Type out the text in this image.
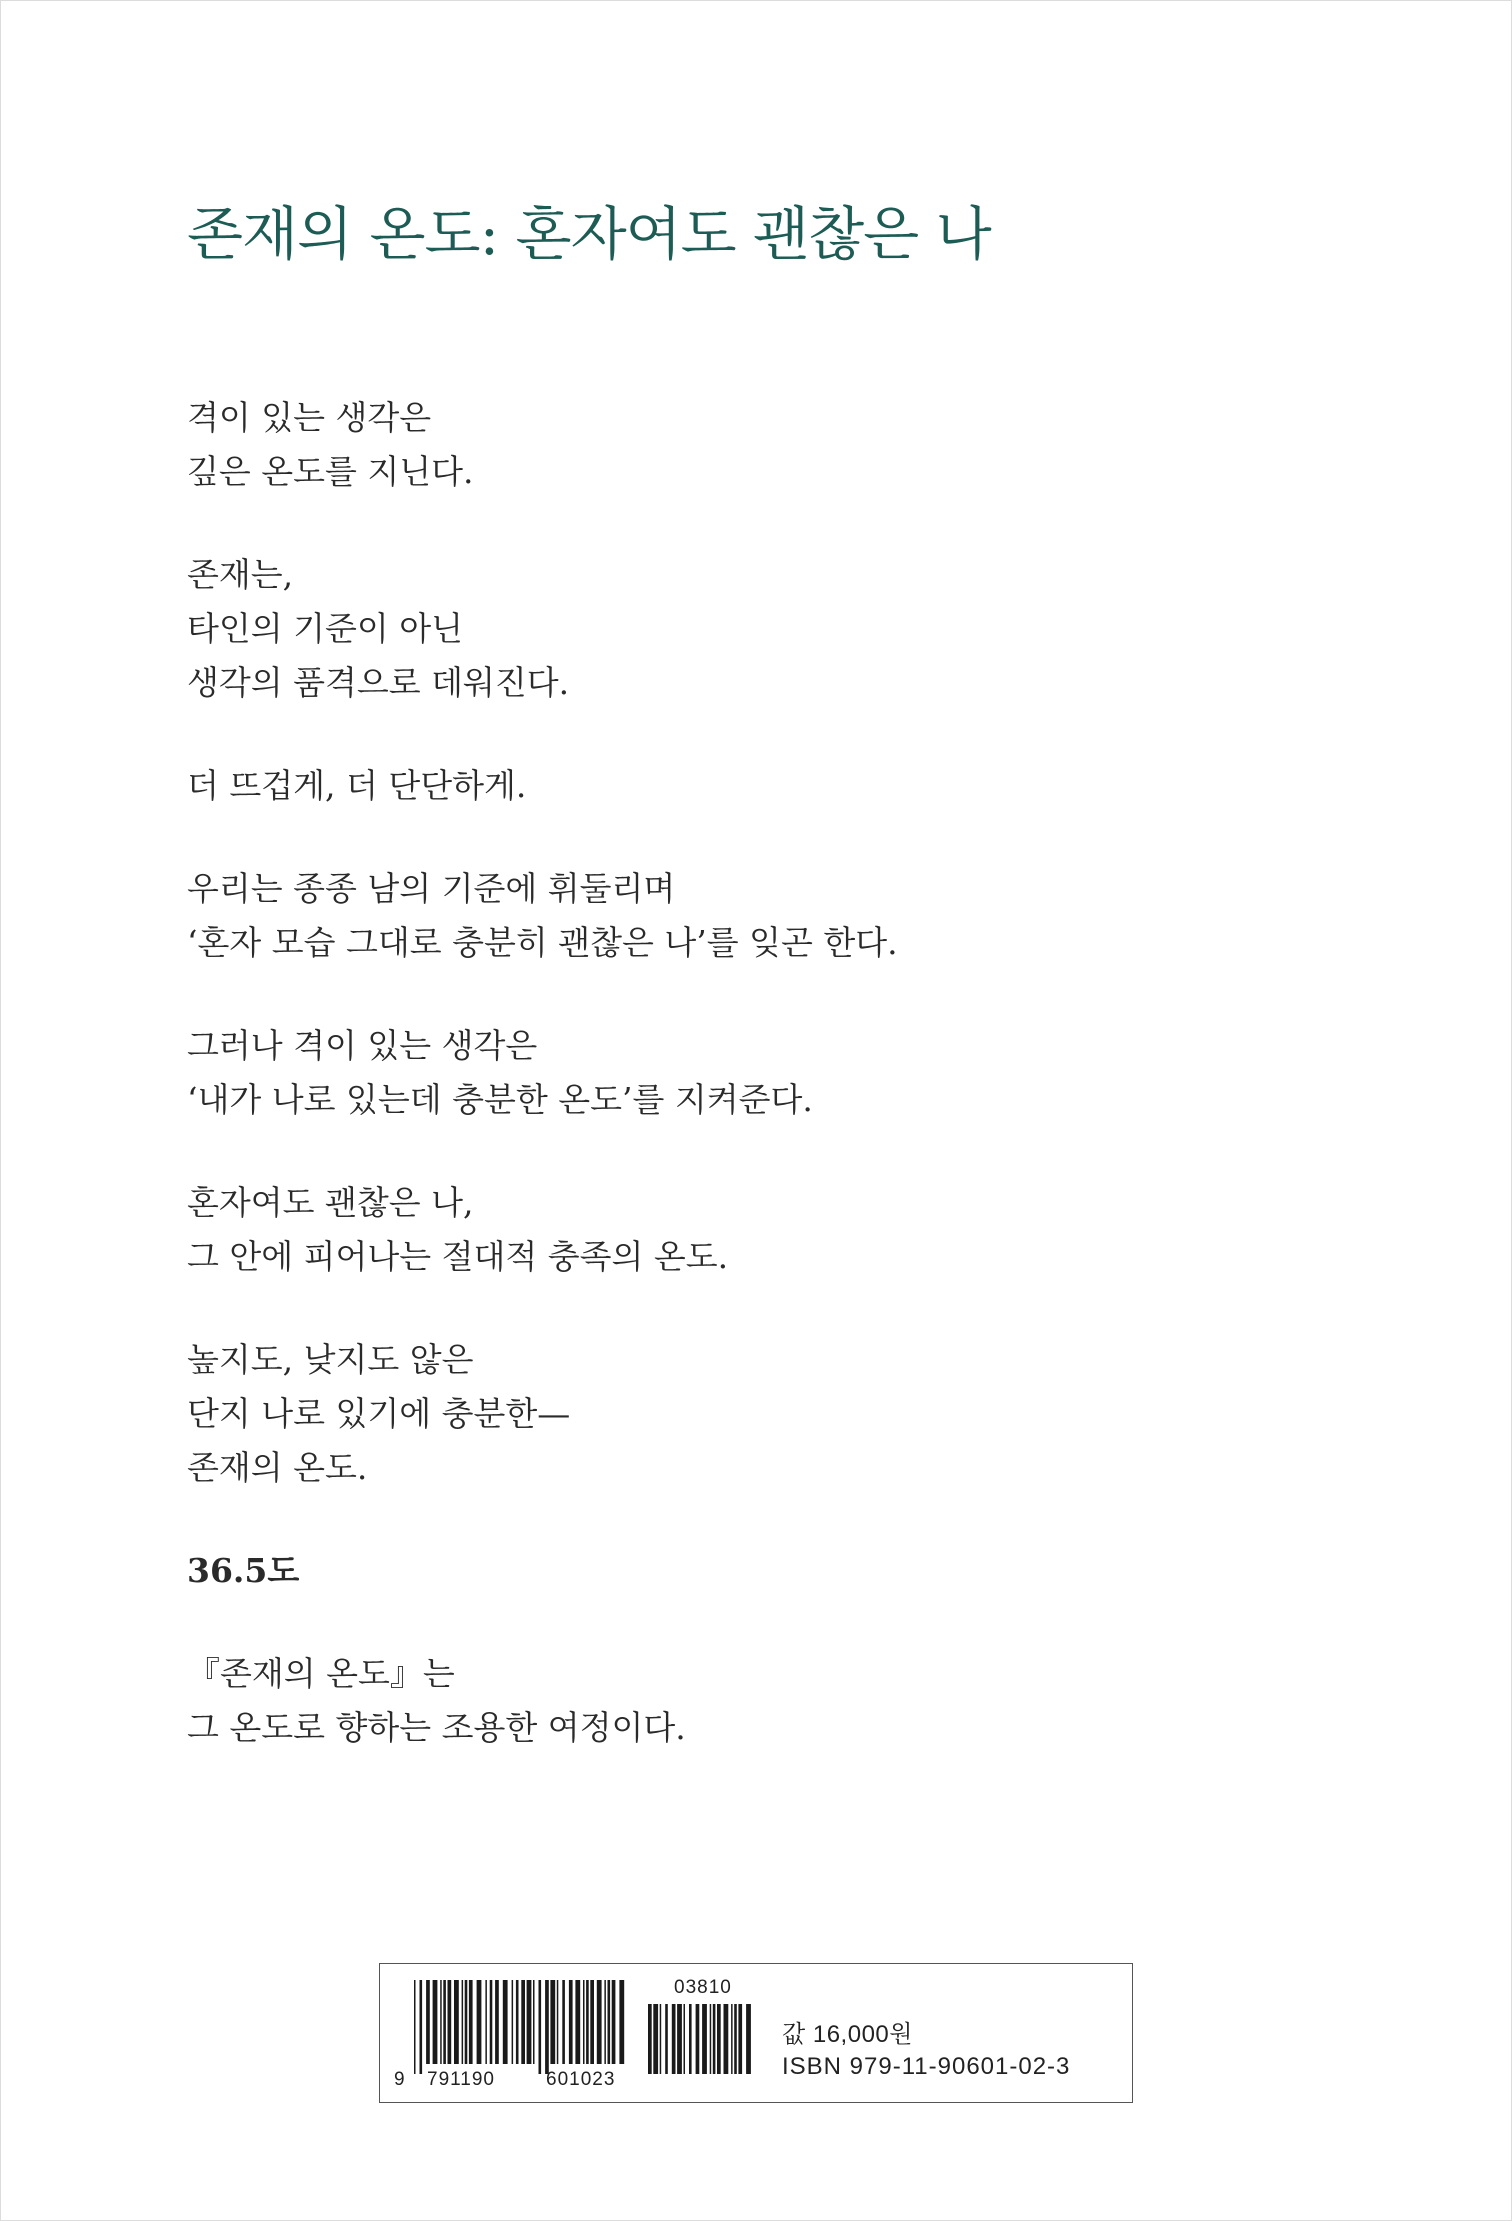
존재의 온도: 혼자여도 괜찮은 나

격이 있는 생각은
깊은 온도를 지닌다.

존재는,
타인의 기준이 아닌
생각의 품격으로 데워진다.

더 뜨겁게, 더 단단하게.

우리는 종종 남의 기준에 휘둘리며
‘혼자 모습 그대로 충분히 괜찮은 나’를 잊곤 한다.

그러나 격이 있는 생각은
‘내가 나로 있는데 충분한 온도’를 지켜준다.

혼자여도 괜찮은 나,
그 안에 피어나는 절대적 충족의 온도.

높지도, 낮지도 않은
단지 나로 있기에 충분한—
존재의 온도.

36.5도

『존재의 온도』는
그 온도로 향하는 조용한 여정이다.

03810
9 791190	601023
값 16,000원
ISBN 979-11-90601-02-3
